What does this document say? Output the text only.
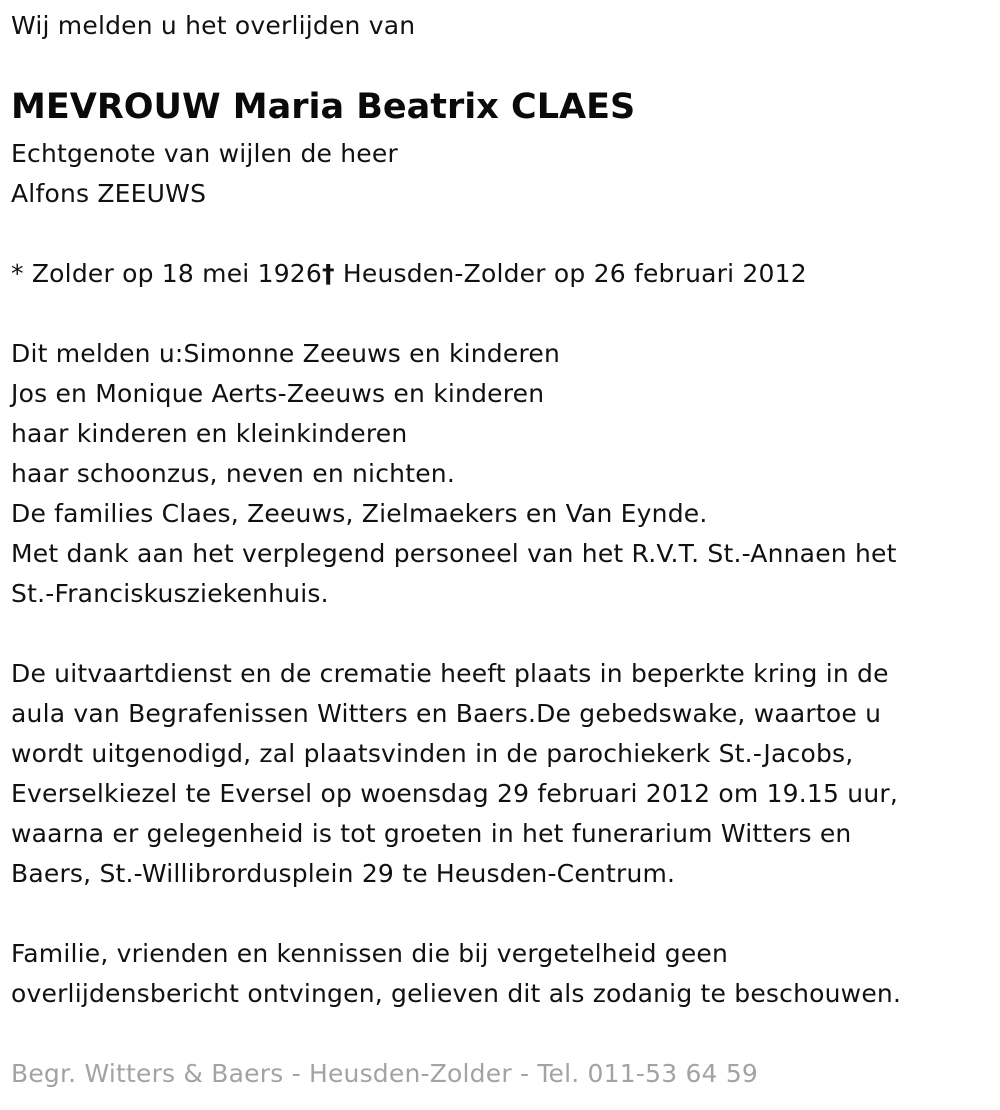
Wij melden u het overlijden van
MEVROUW Maria Beatrix CLAES
Echtgenote van wijlen de heer
Alfons ZEEUWS
* Zolder op 18 mei 1926† Heusden-Zolder op 26 februari 2012
Dit melden u:Simonne Zeeuws en kinderen
Jos en Monique Aerts-Zeeuws en kinderen
haar kinderen en kleinkinderen
haar schoonzus, neven en nichten.
De families Claes, Zeeuws, Zielmaekers en Van Eynde.
Met dank aan het verplegend personeel van het R.V.T. St.-Annaen het
St.-Franciskusziekenhuis.
De uitvaartdienst en de crematie heeft plaats in beperkte kring in de
aula van Begrafenissen Witters en Baers.De gebedswake, waartoe u
wordt uitgenodigd, zal plaatsvinden in de parochiekerk St.-Jacobs,
Everselkiezel te Eversel op woensdag 29 februari 2012 om 19.15 uur,
waarna er gelegenheid is tot groeten in het funerarium Witters en
Baers, St.-Willibrordusplein 29 te Heusden-Centrum.
Familie, vrienden en kennissen die bij vergetelheid geen
overlijdensbericht ontvingen, gelieven dit als zodanig te beschouwen.
Begr. Witters & Baers - Heusden-Zolder - Tel. 011-53 64 59
